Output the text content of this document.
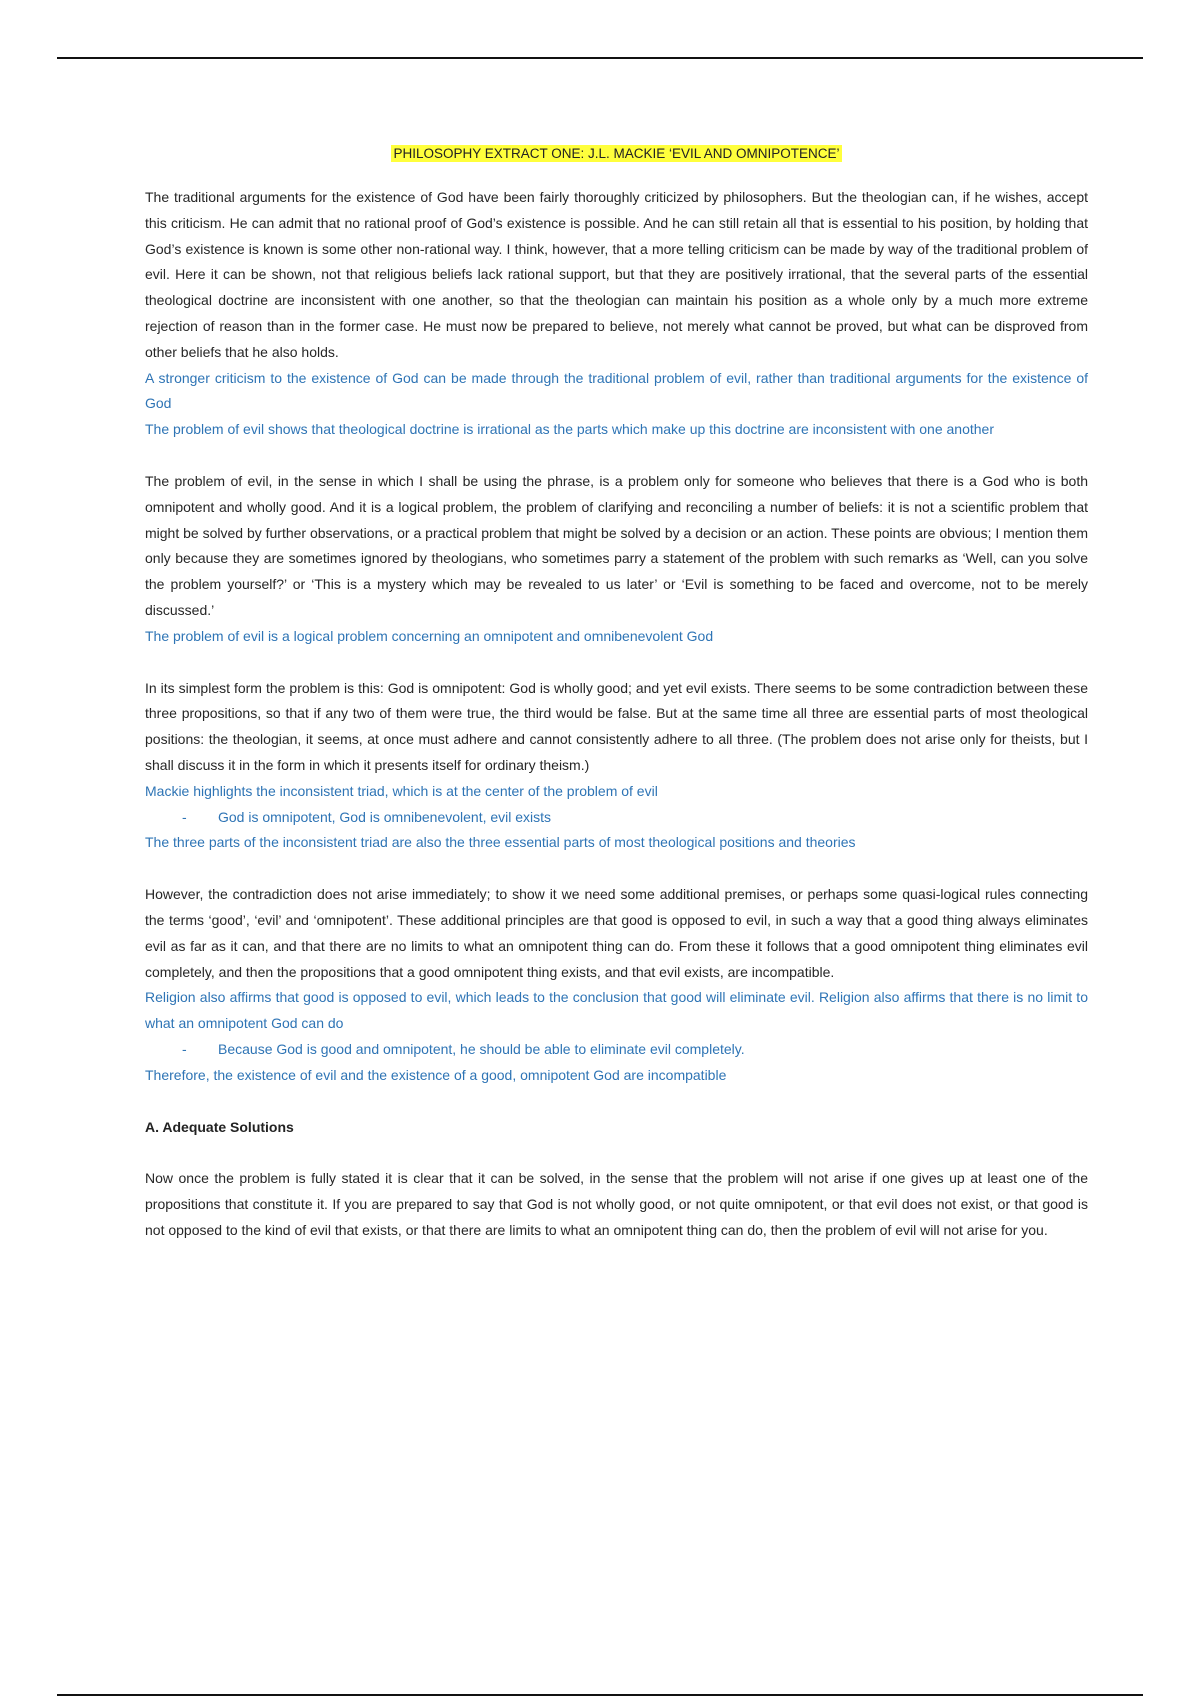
PHILOSOPHY EXTRACT ONE: J.L. MACKIE ‘EVIL AND OMNIPOTENCE’

The traditional arguments for the existence of God have been fairly thoroughly criticized by philosophers. But the theologian can, if he wishes, accept this criticism. He can admit that no rational proof of God’s existence is possible. And he can still retain all that is essential to his position, by holding that God’s existence is known is some other non-rational way. I think, however, that a more telling criticism can be made by way of the traditional problem of evil. Here it can be shown, not that religious beliefs lack rational support, but that they are positively irrational, that the several parts of the essential theological doctrine are inconsistent with one another, so that the theologian can maintain his position as a whole only by a much more extreme rejection of reason than in the former case. He must now be prepared to believe, not merely what cannot be proved, but what can be disproved from other beliefs that he also holds.

A stronger criticism to the existence of God can be made through the traditional problem of evil, rather than traditional arguments for the existence of God

The problem of evil shows that theological doctrine is irrational as the parts which make up this doctrine are inconsistent with one another

The problem of evil, in the sense in which I shall be using the phrase, is a problem only for someone who believes that there is a God who is both omnipotent and wholly good. And it is a logical problem, the problem of clarifying and reconciling a number of beliefs: it is not a scientific problem that might be solved by further observations, or a practical problem that might be solved by a decision or an action. These points are obvious; I mention them only because they are sometimes ignored by theologians, who sometimes parry a statement of the problem with such remarks as ‘Well, can you solve the problem yourself?’ or ‘This is a mystery which may be revealed to us later’ or ‘Evil is something to be faced and overcome, not to be merely discussed.’

The problem of evil is a logical problem concerning an omnipotent and omnibenevolent God

In its simplest form the problem is this: God is omnipotent: God is wholly good; and yet evil exists. There seems to be some contradiction between these three propositions, so that if any two of them were true, the third would be false. But at the same time all three are essential parts of most theological positions: the theologian, it seems, at once must adhere and cannot consistently adhere to all three. (The problem does not arise only for theists, but I shall discuss it in the form in which it presents itself for ordinary theism.)

Mackie highlights the inconsistent triad, which is at the center of the problem of evil

- God is omnipotent, God is omnibenevolent, evil exists

The three parts of the inconsistent triad are also the three essential parts of most theological positions and theories

However, the contradiction does not arise immediately; to show it we need some additional premises, or perhaps some quasi-logical rules connecting the terms ‘good’, ‘evil’ and ‘omnipotent’. These additional principles are that good is opposed to evil, in such a way that a good thing always eliminates evil as far as it can, and that there are no limits to what an omnipotent thing can do. From these it follows that a good omnipotent thing eliminates evil completely, and then the propositions that a good omnipotent thing exists, and that evil exists, are incompatible.

Religion also affirms that good is opposed to evil, which leads to the conclusion that good will eliminate evil. Religion also affirms that there is no limit to what an omnipotent God can do

- Because God is good and omnipotent, he should be able to eliminate evil completely.

Therefore, the existence of evil and the existence of a good, omnipotent God are incompatible

A. Adequate Solutions

Now once the problem is fully stated it is clear that it can be solved, in the sense that the problem will not arise if one gives up at least one of the propositions that constitute it. If you are prepared to say that God is not wholly good, or not quite omnipotent, or that evil does not exist, or that good is not opposed to the kind of evil that exists, or that there are limits to what an omnipotent thing can do, then the problem of evil will not arise for you.
